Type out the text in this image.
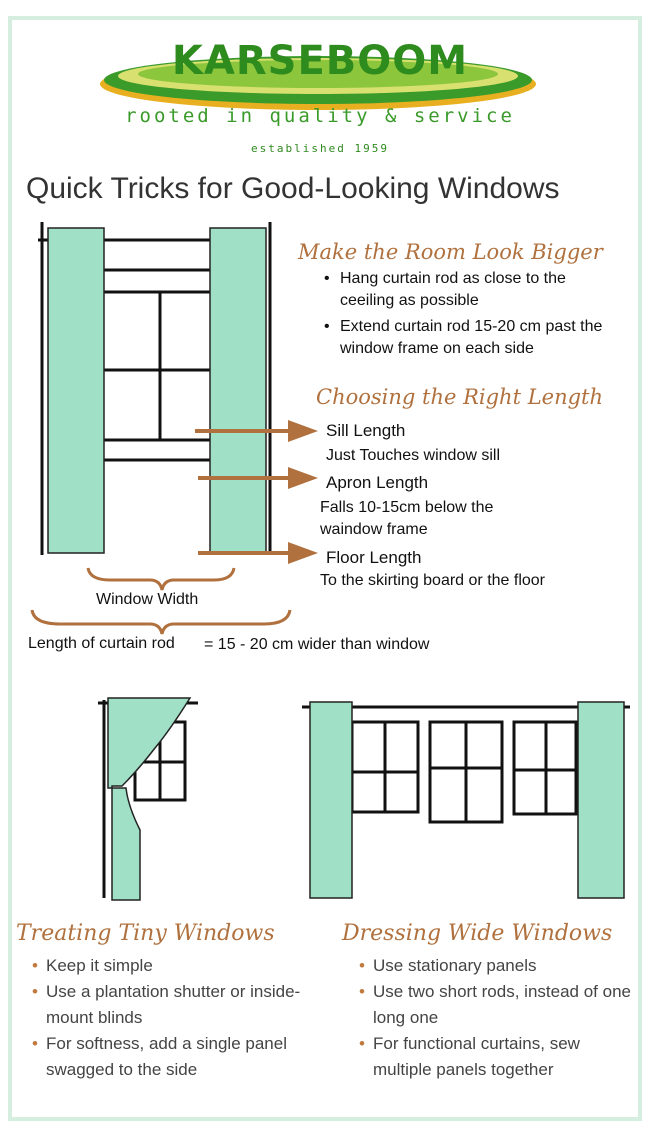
KARSEBOOM
rooted in quality & service
established 1959
Quick Tricks for Good-Looking Windows
Make the Room Look Bigger
• Hang curtain rod as close to the ceeiling as possible
• Extend curtain rod 15-20 cm past the window frame on each side
Choosing the Right Length
Sill Length
Just Touches window sill
Apron Length
Falls 10-15cm below the waindow frame
Floor Length
To the skirting board or the floor
Window Width
Length of curtain rod = 15 - 20 cm wider than window
Treating Tiny Windows
• Keep it simple
• Use a plantation shutter or inside-mount blinds
• For softness, add a single panel swagged to the side
Dressing Wide Windows
• Use stationary panels
• Use two short rods, instead of one long one
• For functional curtains, sew multiple panels together
